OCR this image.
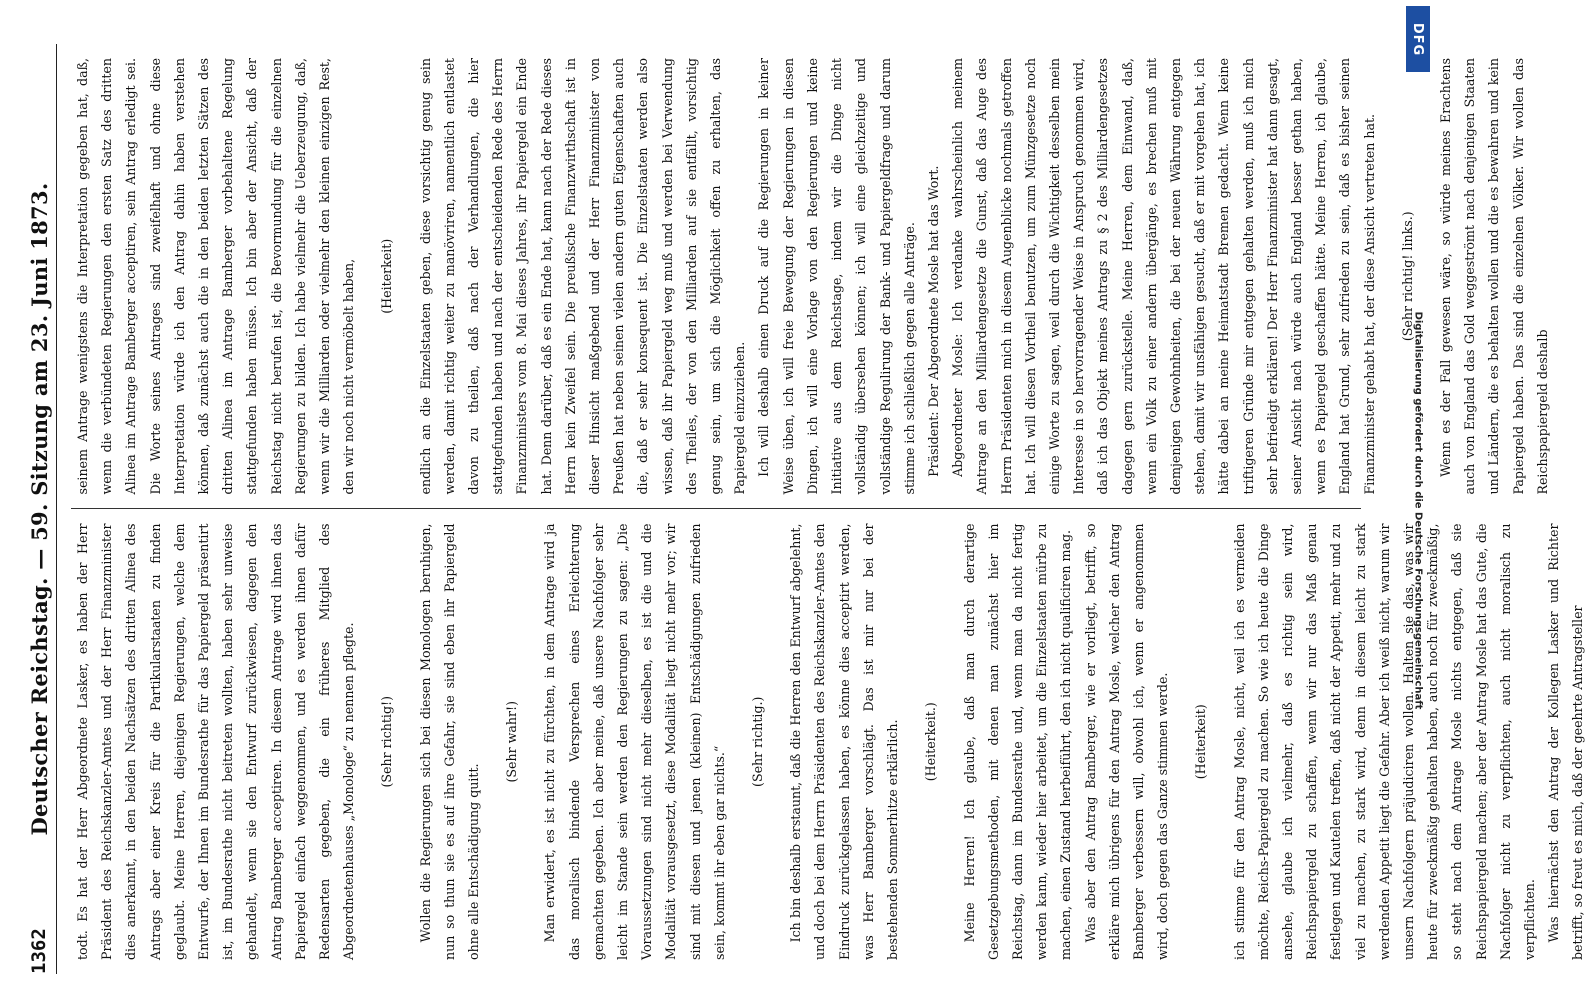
1362
Deutscher Reichstag. — 59. Sitzung am 23. Juni 1873.	todt. Es hat der Herr Abgeordnete Lasker, es haben der Herr Präsident des Reichskanzler-Amtes und der Herr Finanzminister dies anerkannt, in den beiden Nachsätzen des dritten Alinea des Antrags aber einer Kreis für die Partikularstaaten zu finden geglaubt. Meine Herren, diejenigen Regierungen, welche dem Entwurfe, der Ihnen im Bundesrathe für das Papiergeld präsentirt ist, im Bundesrathe nicht beitreten wollten, haben sehr unweise gehandelt, wenn sie den Entwurf zurückwiesen, dagegen den Antrag Bamberger acceptiren. In diesem Antrage wird ihnen das Papiergeld einfach weggenommen, und es werden ihnen dafür Redensarten gegeben, die ein früheres Mitglied des Abgeordnetenhauses „Monologe“ zu nennen pflegte.	(Sehr richtig!)	Wollen die Regierungen sich bei diesen Monologen beruhigen, nun so thun sie es auf ihre Gefahr, sie sind eben ihr Papiergeld ohne alle Entschädigung quitt.

(Sehr wahr!)	Man erwidert, es ist nicht zu fürchten, in dem Antrage wird ja das moralisch bindende Versprechen eines Erleichterung gemachten gegeben. Ich aber meine, daß unsere Nachfolger sehr leicht im Stande sein werden den Regierungen zu sagen: „Die Voraussetzungen sind nicht mehr dieselben, es ist die und die Modalität vorausgesetzt, diese Modalität liegt nicht mehr vor; wir sind mit diesen und jenen (kleinen) Entschädigungen zufrieden sein, kommt ihr eben gar nichts.“

(Sehr richtig.)	Ich bin deshalb erstaunt, daß die Herren den Entwurf abgelehnt, und doch bei dem Herrn Präsidenten des Reichskanzler-Amtes den Eindruck zurückgelassen haben, es könne dies acceptirt werden, was Herr Bamberger vorschlägt. Das ist mir nur bei der bestehenden Sommerhitze erklärlich.	(Heiterkeit.)	Meine Herren! Ich glaube, daß man durch derartige Gesetzgebungsmethoden, mit denen man zunächst hier im Reichstag, dann im Bundesrathe und, wenn man da nicht fertig werden kann, wieder hier arbeitet, um die Einzelstaaten mürbe zu machen, einen Zustand herbeiführt, den ich nicht qualificiren mag. Was aber den Antrag Bamberger, wie er vorliegt, betrifft, so erkläre mich übrigens für den Antrag Mosle, welcher den Antrag Bamberger verbessern will, obwohl ich, wenn er angenommen wird, doch gegen das Ganze stimmen werde.	(Heiterkeit)	ich stimme für den Antrag Mosle, nicht, weil ich es vermeiden möchte, Reichs-Papiergeld zu machen. So wie ich heute die Dinge ansehe, glaube ich vielmehr, daß es richtig sein wird, Reichspapiergeld zu schaffen, wenn wir nur das Maß genau festlegen und Kautelen treffen, daß nicht der Appetit, mehr und zu viel zu machen, zu stark wird, denn in diesem leicht zu stark werdenden Appetit liegt die Gefahr. Aber ich weiß nicht, warum wir unsern Nachfolgern präjudiciren wollen. Halten sie das, was wir heute für zweckmäßig gehalten haben, auch noch für zweckmäßig, so steht nach dem Antrage Mosle nichts entgegen, daß sie Reichspapiergeld machen; aber der Antrag Mosle hat das Gute, die Nachfolger nicht zu verpflichten, auch nicht moralisch zu verpflichten. Was hiernächst den Antrag der Kollegen Lasker und Richter betrifft, so freut es mich, daß der geehrte Antragsteller

seinem Antrage wenigstens die Interpretation gegeben hat, daß, wenn die verbündeten Regierungen den ersten Satz des dritten Alinea im Antrage Bamberger acceptiren, sein Antrag erledigt sei. Die Worte seines Antrages sind zweifelhaft und ohne diese Interpretation würde ich den Antrag dahin haben verstehen können, daß zunächst auch die in den beiden letzten Sätzen des dritten Alinea im Antrage Bamberger vorbehaltene Regelung stattgefunden haben müsse. Ich bin aber der Ansicht, daß der Reichstag nicht berufen ist, die Bevormundung für die einzelnen Regierungen zu bilden. Ich habe vielmehr die Ueberzeugung, daß, wenn wir die Milliarden oder vielmehr den kleinen einzigen Rest, den wir noch nicht vermöbelt haben,	(Heiterkeit)	endlich an die Einzelstaaten geben, diese vorsichtig genug sein werden, damit richtig weiter zu manövriren, namentlich entlastet davon zu theilen, daß nach der Verhandlungen, die hier stattgefunden haben und nach der entscheidenden Rede des Herrn Finanzministers vom 8. Mai dieses Jahres, ihr Papiergeld ein Ende hat. Denn darüber, daß es ein Ende hat, kann nach der Rede dieses Herrn kein Zweifel sein. Die preußische Finanzwirthschaft ist in dieser Hinsicht maßgebend und der Herr Finanzminister von Preußen hat neben seinen vielen andern guten Eigenschaften auch die, daß er sehr konsequent ist. Die Einzelstaaten werden also wissen, daß ihr Papiergeld weg muß und werden bei Verwendung des Theiles, der von den Milliarden auf sie entfällt, vorsichtig genug sein, um sich die Möglichkeit offen zu erhalten, das Papiergeld einzuziehen. Ich will deshalb einen Druck auf die Regierungen in keiner Weise üben, ich will freie Bewegung der Regierungen in diesen Dingen, ich will eine Vorlage von den Regierungen und keine Initiative aus dem Reichstage, indem wir die Dinge nicht vollständig übersehen können; ich will eine gleichzeitige und vollständige Regulirung der Bank- und Papiergeldfrage und darum stimme ich schließlich gegen alle Anträge. Präsident: Der Abgeordnete Mosle hat das Wort. Abgeordneter Mosle: Ich verdanke wahrscheinlich meinem Antrage an den Milliardengesetze die Gunst, daß das Auge des Herrn Präsidenten mich in diesem Augenblicke nochmals getroffen hat. Ich will diesen Vortheil benutzen, um zum Münzgesetze noch einige Worte zu sagen, weil durch die Wichtigkeit desselben mein Interesse in so hervorragender Weise in Anspruch genommen wird, daß ich das Objekt meines Antrags zu § 2 des Milliardengesetzes dagegen gern zurückstelle. Meine Herren, dem Einwand, daß, wenn ein Volk zu einer andern übergänge, es brechen muß mit demjenigen Gewohnheiten, die bei der neuen Währung entgegen stehen, damit wir unsfähigen gesucht, daß er mit vorgehen hat, ich hätte dabei an meine Heimatstadt Bremen gedacht. Wenn keine triftigeren Gründe mir entgegen gehalten werden, muß ich mich sehr befriedigt erklären! Der Herr Finanzminister hat dann gesagt, seiner Ansicht nach würde auch England besser gethan haben, wenn es Papiergeld geschaffen hätte. Meine Herren, ich glaube, England hat Grund, sehr zufrieden zu sein, daß es bisher seinen Finanzminister gehabt hat, der diese Ansicht vertreten hat.	(Sehr richtig! links.)	Wenn es der Fall gewesen wäre, so würde meines Erachtens auch von England das Gold weggeströmt nach denjenigen Staaten und Ländern, die es behalten wollen und die es bewahren und kein Papiergeld haben. Das sind die einzelnen Völker. Wir wollen das Reichspapiergeld deshalb

DFG
Digitalisierung gefördert durch die Deutsche Forschungsgemeinschaft
